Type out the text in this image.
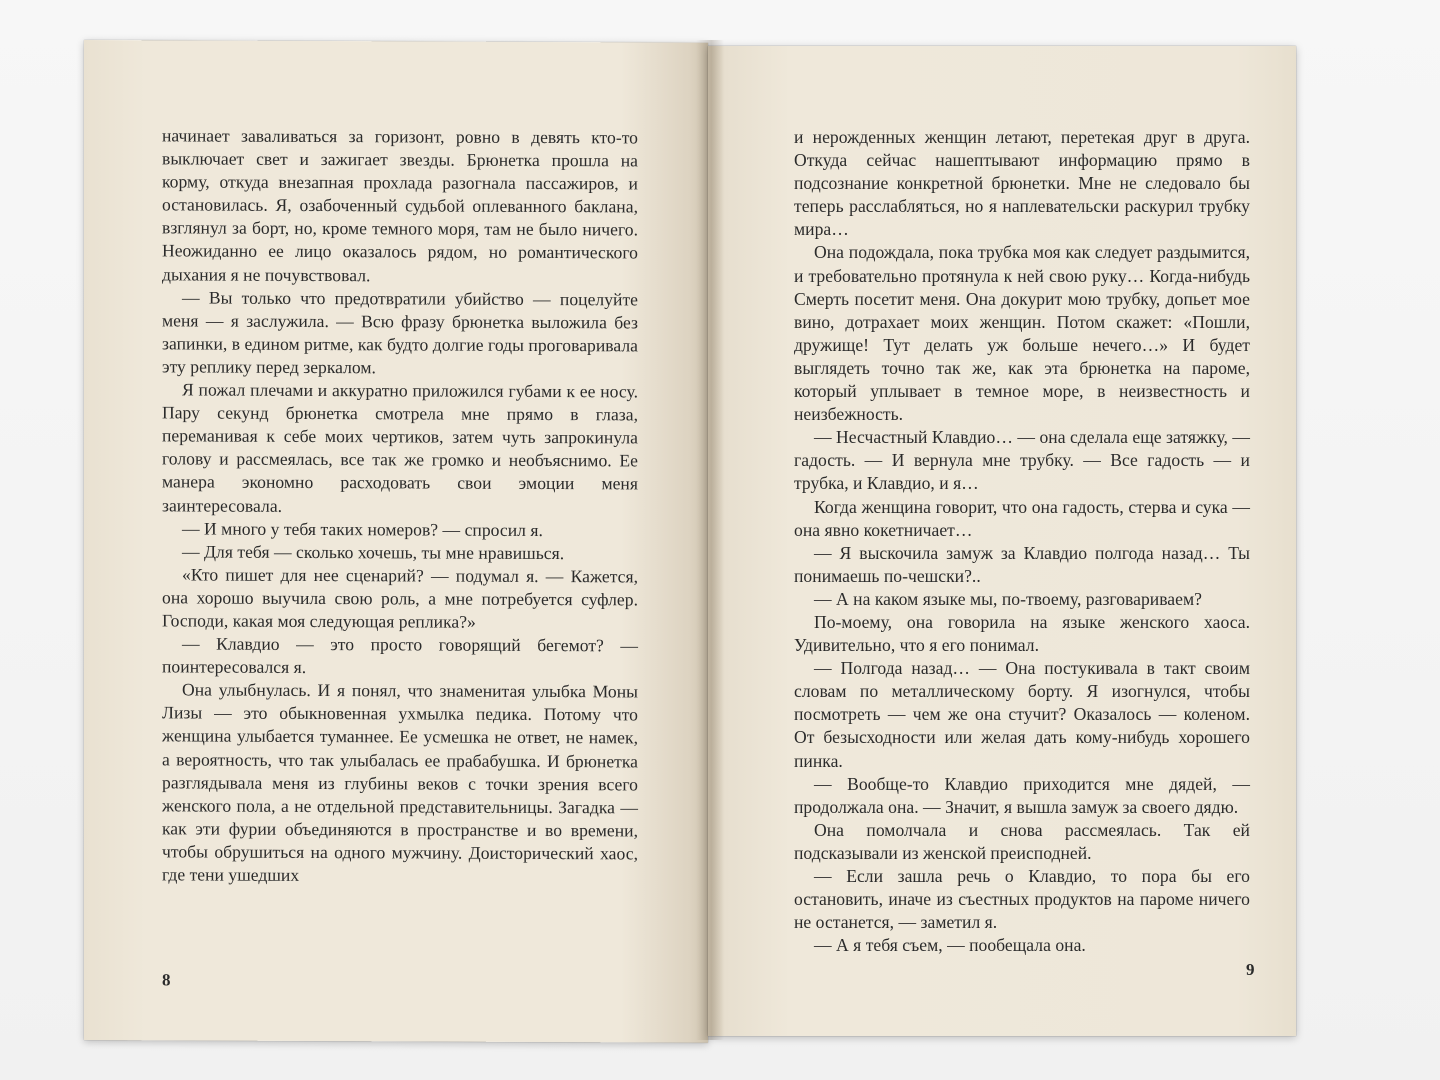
начинает заваливаться за горизонт, ровно в девять кто-то выключает свет и зажигает звезды. Брюнетка прошла на корму, откуда внезапная прохлада разогнала пассажиров, и остановилась. Я, озабоченный судьбой оплеванного баклана, взглянул за борт, но, кроме темного моря, там не было ничего. Неожиданно ее лицо оказалось рядом, но романтического дыхания я не почувствовал.

— Вы только что предотвратили убийство — поцелуйте меня — я заслужила. — Всю фразу брюнетка выложила без запинки, в едином ритме, как будто долгие годы проговаривала эту реплику перед зеркалом.

Я пожал плечами и аккуратно приложился губами к ее носу. Пару секунд брюнетка смотрела мне прямо в глаза, переманивая к себе моих чертиков, затем чуть запрокинула голову и рассмеялась, все так же громко и необъяснимо. Ее манера экономно расходовать свои эмоции меня заинтересовала.

— И много у тебя таких номеров? — спросил я.

— Для тебя — сколько хочешь, ты мне нравишься.

«Кто пишет для нее сценарий? — подумал я. — Кажется, она хорошо выучила свою роль, а мне потребуется суфлер. Господи, какая моя следующая реплика?»

— Клавдио — это просто говорящий бегемот? — поинтересовался я.

Она улыбнулась. И я понял, что знаменитая улыбка Моны Лизы — это обыкновенная ухмылка педика. Потому что женщина улыбается туманнее. Ее усмешка не ответ, не намек, а вероятность, что так улыбалась ее прабабушка. И брюнетка разглядывала меня из глубины веков с точки зрения всего женского пола, а не отдельной представительницы. Загадка — как эти фурии объединяются в пространстве и во времени, чтобы обрушиться на одного мужчину. Доисторический хаос, где тени ушедших

8

и нерожденных женщин летают, перетекая друг в друга. Откуда сейчас нашептывают информацию прямо в подсознание конкретной брюнетки. Мне не следовало бы теперь расслабляться, но я наплевательски раскурил трубку мира…

Она подождала, пока трубка моя как следует раздымится, и требовательно протянула к ней свою руку… Когда-нибудь Смерть посетит меня. Она докурит мою трубку, допьет мое вино, дотрахает моих женщин. Потом скажет: «Пошли, дружище! Тут делать уж больше нечего…» И будет выглядеть точно так же, как эта брюнетка на пароме, который уплывает в темное море, в неизвестность и неизбежность.

— Несчастный Клавдио… — она сделала еще затяжку, — гадость. — И вернула мне трубку. — Все гадость — и трубка, и Клавдио, и я…

Когда женщина говорит, что она гадость, стерва и сука — она явно кокетничает…

— Я выскочила замуж за Клавдио полгода назад… Ты понимаешь по-чешски?..

— А на каком языке мы, по-твоему, разговариваем?

По-моему, она говорила на языке женского хаоса. Удивительно, что я его понимал.

— Полгода назад… — Она постукивала в такт своим словам по металлическому борту. Я изогнулся, чтобы посмотреть — чем же она стучит? Оказалось — коленом. От безысходности или желая дать кому-нибудь хорошего пинка.

— Вообще-то Клавдио приходится мне дядей, — продолжала она. — Значит, я вышла замуж за своего дядю.

Она помолчала и снова рассмеялась. Так ей подсказывали из женской преисподней.

— Если зашла речь о Клавдио, то пора бы его остановить, иначе из съестных продуктов на пароме ничего не останется, — заметил я.

— А я тебя съем, — пообещала она.

9
